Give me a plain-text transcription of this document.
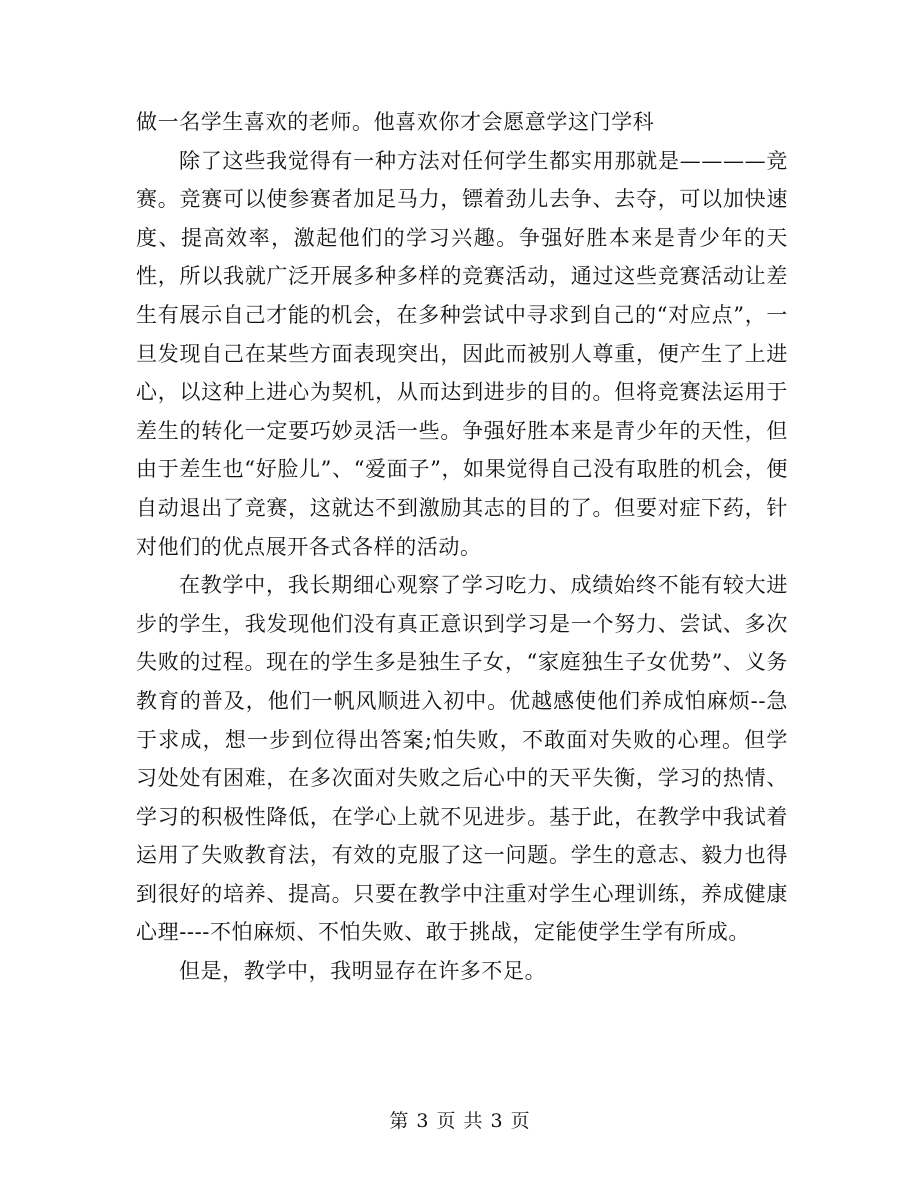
做一名学生喜欢的老师。他喜欢你才会愿意学这门学科

除了这些我觉得有一种方法对任何学生都实用那就是————竞赛。竞赛可以使参赛者加足马力，镖着劲儿去争、去夺，可以加快速度、提高效率，激起他们的学习兴趣。争强好胜本来是青少年的天性，所以我就广泛开展多种多样的竞赛活动，通过这些竞赛活动让差生有展示自己才能的机会，在多种尝试中寻求到自己的“对应点”，一旦发现自己在某些方面表现突出，因此而被别人尊重，便产生了上进心，以这种上进心为契机，从而达到进步的目的。但将竞赛法运用于差生的转化一定要巧妙灵活一些。争强好胜本来是青少年的天性，但由于差生也“好脸儿”、“爱面子”，如果觉得自己没有取胜的机会，便自动退出了竞赛，这就达不到激励其志的目的了。但要对症下药，针对他们的优点展开各式各样的活动。

在教学中，我长期细心观察了学习吃力、成绩始终不能有较大进步的学生，我发现他们没有真正意识到学习是一个努力、尝试、多次失败的过程。现在的学生多是独生子女，“家庭独生子女优势”、义务教育的普及，他们一帆风顺进入初中。优越感使他们养成怕麻烦--急于求成，想一步到位得出答案;怕失败，不敢面对失败的心理。但学习处处有困难，在多次面对失败之后心中的天平失衡，学习的热情、学习的积极性降低，在学心上就不见进步。基于此，在教学中我试着运用了失败教育法，有效的克服了这一问题。学生的意志、毅力也得到很好的培养、提高。只要在教学中注重对学生心理训练，养成健康心理----不怕麻烦、不怕失败、敢于挑战，定能使学生学有所成。

但是，教学中，我明显存在许多不足。

第 3 页 共 3 页
